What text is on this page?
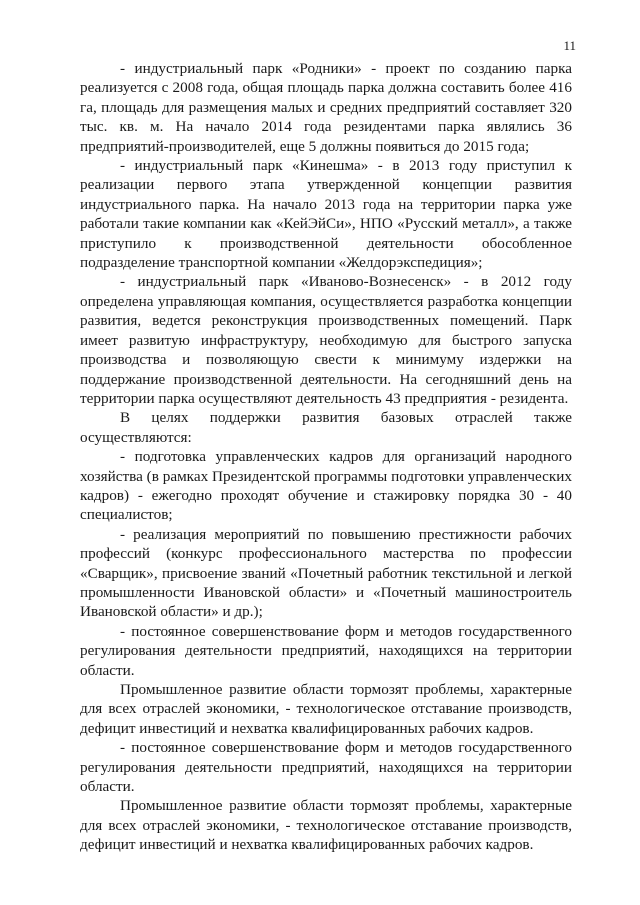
11

- индустриальный парк «Родники» - проект по созданию парка реализуется с 2008 года, общая площадь парка должна составить более 416 га, площадь для размещения малых и средних предприятий составляет 320 тыс. кв. м. На начало 2014 года резидентами парка являлись 36 предприятий-производителей, еще 5 должны появиться до 2015 года;

- индустриальный парк «Кинешма» - в 2013 году приступил к реализации первого этапа утвержденной концепции развития индустриального парка. На начало 2013 года на территории парка уже работали такие компании как «КейЭйСи», НПО «Русский металл», а также приступило к производственной деятельности обособленное подразделение транспортной компании «Желдорэкспедиция»;

- индустриальный парк «Иваново-Вознесенск» - в 2012 году определена управляющая компания, осуществляется разработка концепции развития, ведется реконструкция производственных помещений. Парк имеет развитую инфраструктуру, необходимую для быстрого запуска производства и позволяющую свести к минимуму издержки на поддержание производственной деятельности. На сегодняшний день на территории парка осуществляют деятельность 43 предприятия - резидента.

В целях поддержки развития базовых отраслей также осуществляются:

- подготовка управленческих кадров для организаций народного хозяйства (в рамках Президентской программы подготовки управленческих кадров) - ежегодно проходят обучение и стажировку порядка 30 - 40 специалистов;

- реализация мероприятий по повышению престижности рабочих профессий (конкурс профессионального мастерства по профессии «Сварщик», присвоение званий «Почетный работник текстильной и легкой промышленности Ивановской области» и «Почетный машиностроитель Ивановской области» и др.);

- постоянное совершенствование форм и методов государственного регулирования деятельности предприятий, находящихся на территории области.

Промышленное развитие области тормозят проблемы, характерные для всех отраслей экономики, - технологическое отставание производств, дефицит инвестиций и нехватка квалифицированных рабочих кадров.

- постоянное совершенствование форм и методов государственного регулирования деятельности предприятий, находящихся на территории области.

Промышленное развитие области тормозят проблемы, характерные для всех отраслей экономики, - технологическое отставание производств, дефицит инвестиций и нехватка квалифицированных рабочих кадров.
